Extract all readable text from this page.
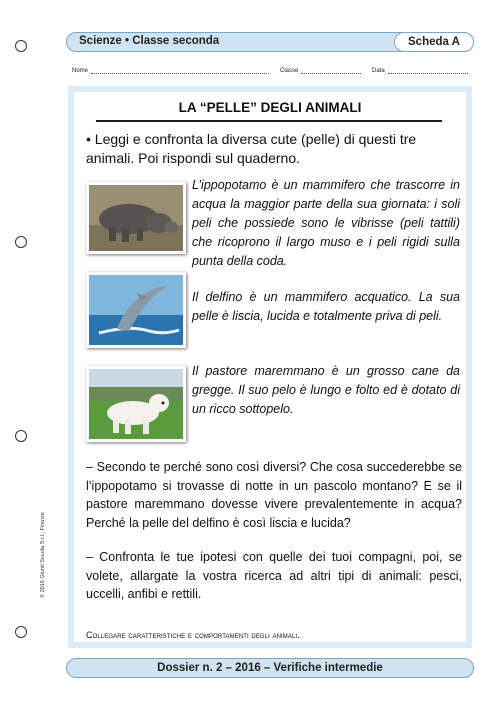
Scienze • Classe seconda	Scheda A
Nome	Classe	Data
LA “PELLE” DEGLI ANIMALI
• Leggi e confronta la diversa cute (pelle) di questi tre animali. Poi rispondi sul quaderno.
L’ippopotamo è un mammifero che trascorre in acqua la maggior parte della sua giornata: i soli peli che possiede sono le vibrisse (peli tattili) che ricoprono il largo muso e i peli rigidi sulla punta della coda.
Il delfino è un mammifero acquatico. La sua pelle è liscia, lucida e totalmente priva di peli.
Il pastore maremmano è un grosso cane da gregge. Il suo pelo è lungo e folto ed è dotato di un ricco sottopelo.
– Secondo te perché sono così diversi? Che cosa succederebbe se l’ippopotamo si trovasse di notte in un pascolo montano? E se il pastore maremmano dovesse vivere prevalentemente in acqua? Perché la pelle del delfino è così liscia e lucida?
– Confronta le tue ipotesi con quelle dei tuoi compagni, poi, se volete, allargate la vostra ricerca ad altri tipi di animali: pesci, uccelli, anfibi e rettili.
Collegare caratteristiche e comportamenti degli animali.
© 2016 Giunti Scuola S.r.l., Firenze
Dossier n. 2 – 2016 – Verifiche intermedie
